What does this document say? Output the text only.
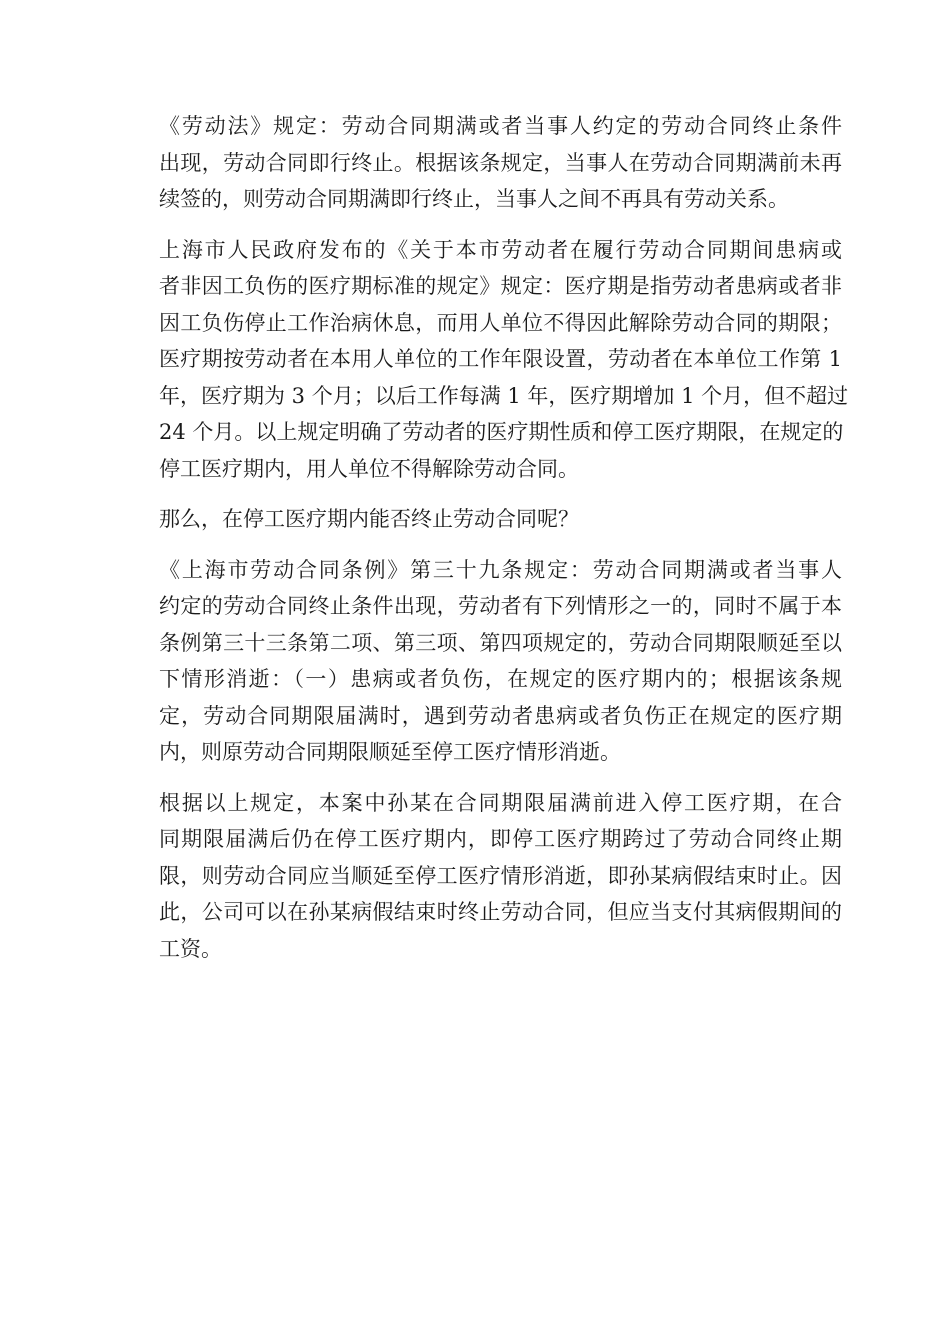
《劳动法》规定：劳动合同期满或者当事人约定的劳动合同终止条件
出现，劳动合同即行终止。根据该条规定，当事人在劳动合同期满前未再
续签的，则劳动合同期满即行终止，当事人之间不再具有劳动关系。

上海市人民政府发布的《关于本市劳动者在履行劳动合同期间患病或
者非因工负伤的医疗期标准的规定》规定：医疗期是指劳动者患病或者非
因工负伤停止工作治病休息，而用人单位不得因此解除劳动合同的期限；
医疗期按劳动者在本用人单位的工作年限设置，劳动者在本单位工作第 1
年，医疗期为 3 个月；以后工作每满 1 年，医疗期增加 1 个月，但不超过
24 个月。以上规定明确了劳动者的医疗期性质和停工医疗期限，在规定的
停工医疗期内，用人单位不得解除劳动合同。

那么，在停工医疗期内能否终止劳动合同呢？

《上海市劳动合同条例》第三十九条规定：劳动合同期满或者当事人
约定的劳动合同终止条件出现，劳动者有下列情形之一的，同时不属于本
条例第三十三条第二项、第三项、第四项规定的，劳动合同期限顺延至以
下情形消逝：（一）患病或者负伤，在规定的医疗期内的；根据该条规
定，劳动合同期限届满时，遇到劳动者患病或者负伤正在规定的医疗期
内，则原劳动合同期限顺延至停工医疗情形消逝。

根据以上规定，本案中孙某在合同期限届满前进入停工医疗期，在合
同期限届满后仍在停工医疗期内，即停工医疗期跨过了劳动合同终止期
限，则劳动合同应当顺延至停工医疗情形消逝，即孙某病假结束时止。因
此，公司可以在孙某病假结束时终止劳动合同，但应当支付其病假期间的
工资。
